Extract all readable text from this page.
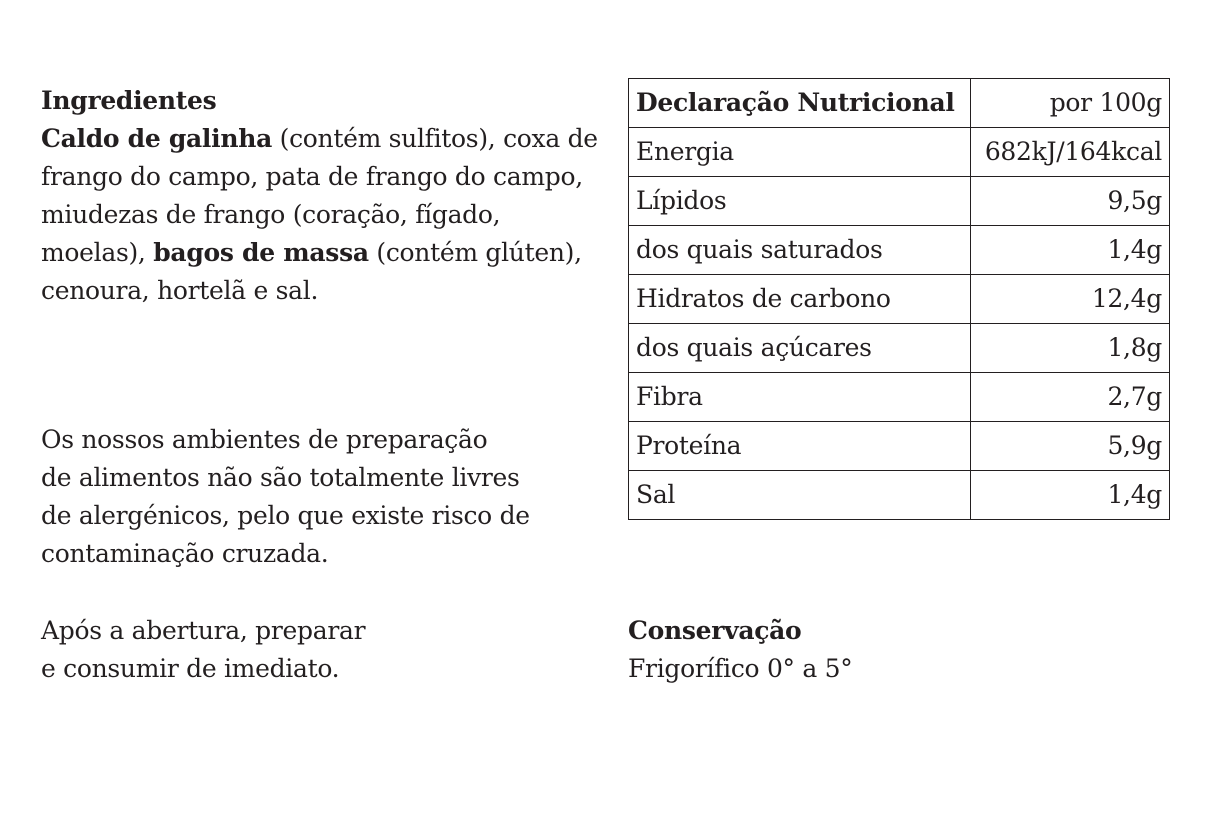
Ingredientes

Caldo de galinha (contém sulfitos), coxa de frango do campo, pata de frango do campo, miudezas de frango (coração, fígado, moelas), bagos de massa (contém glúten), cenoura, hortelã e sal.

Os nossos ambientes de preparação
de alimentos não são totalmente livres
de alergénicos, pelo que existe risco de
contaminação cruzada.

Após a abertura, preparar
e consumir de imediato.

Declaração Nutricional	por 100g
Energia	682kJ/164kcal
Lípidos	9,5g
dos quais saturados	1,4g
Hidratos de carbono	12,4g
dos quais açúcares	1,8g
Fibra	2,7g
Proteína	5,9g
Sal	1,4g

Conservação
Frigorífico 0° a 5°
